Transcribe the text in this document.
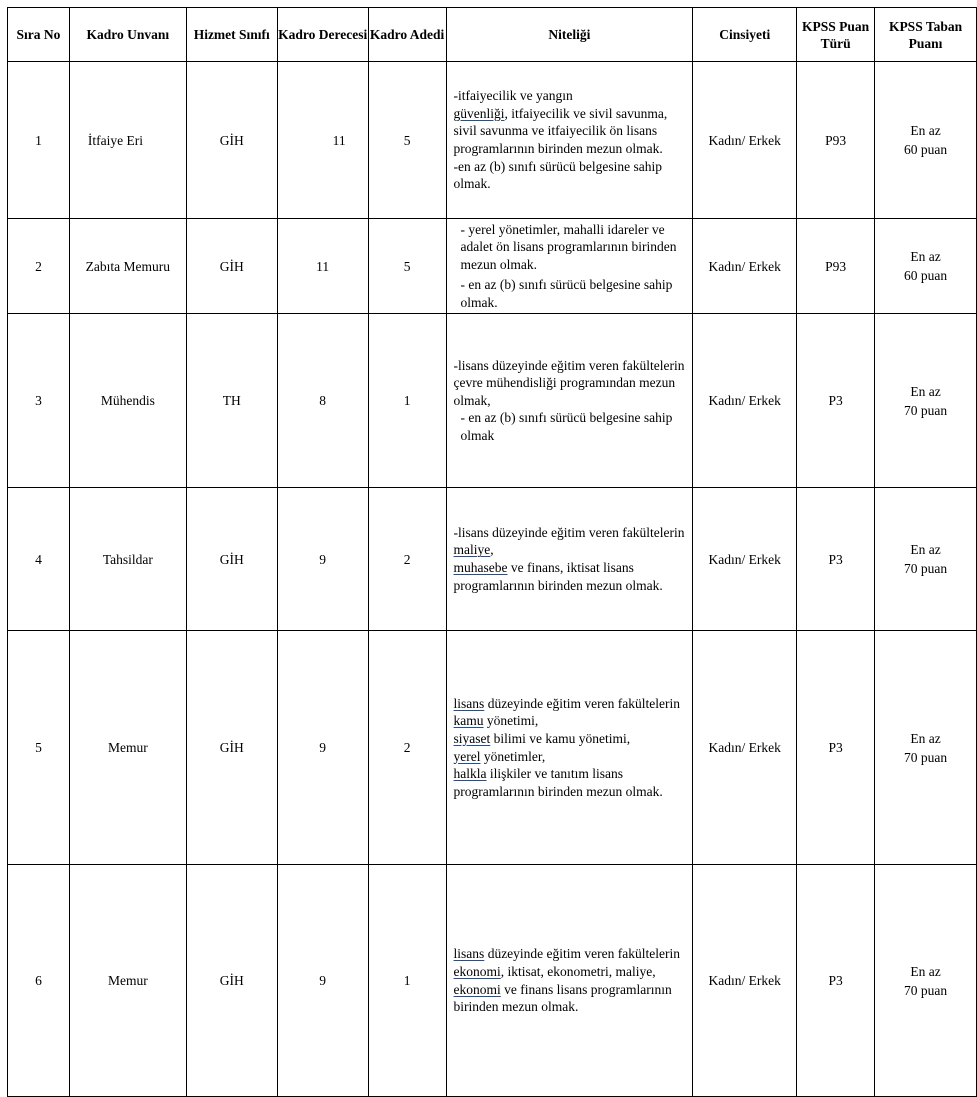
Sıra No	Kadro Unvanı	Hizmet Sınıfı	Kadro Derecesi	Kadro Adedi	Niteliği	Cinsiyeti	KPSS Puan Türü	KPSS Taban Puanı
1	İtfaiye Eri	GİH	11	5	-itfaiyecilik ve yangın
güvenliği, itfaiyecilik ve sivil savunma, sivil savunma ve itfaiyecilik ön lisans programlarının birinden mezun olmak.
-en az (b) sınıfı sürücü belgesine sahip olmak.	Kadın/ Erkek	P93	En az
60 puan

2	Zabıta Memuru	GİH	11	5	- yerel yönetimler, mahalli idareler ve adalet ön lisans programlarının birinden mezun olmak.
- en az (b) sınıfı sürücü belgesine sahip olmak.	Kadın/ Erkek	P93	En az
60 puan

3	Mühendis	TH	8	1	-lisans düzeyinde eğitim veren fakültelerin çevre mühendisliği programından mezun olmak,
- en az (b) sınıfı sürücü belgesine sahip olmak	Kadın/ Erkek	P3	En az
70 puan

4	Tahsildar	GİH	9	2	-lisans düzeyinde eğitim veren fakültelerin
maliye,
muhasebe ve finans, iktisat lisans programlarının birinden mezun olmak.	Kadın/ Erkek	P3	En az
70 puan

5	Memur	GİH	9	2	lisans düzeyinde eğitim veren fakültelerin
kamu yönetimi,
siyaset bilimi ve kamu yönetimi,
yerel yönetimler,
halkla ilişkiler ve tanıtım lisans programlarının birinden mezun olmak.	Kadın/ Erkek	P3	En az
70 puan

6	Memur	GİH	9	1	lisans düzeyinde eğitim veren fakültelerin
ekonomi, iktisat, ekonometri, maliye,
ekonomi ve finans lisans programlarının birinden mezun olmak.	Kadın/ Erkek	P3	En az
70 puan
